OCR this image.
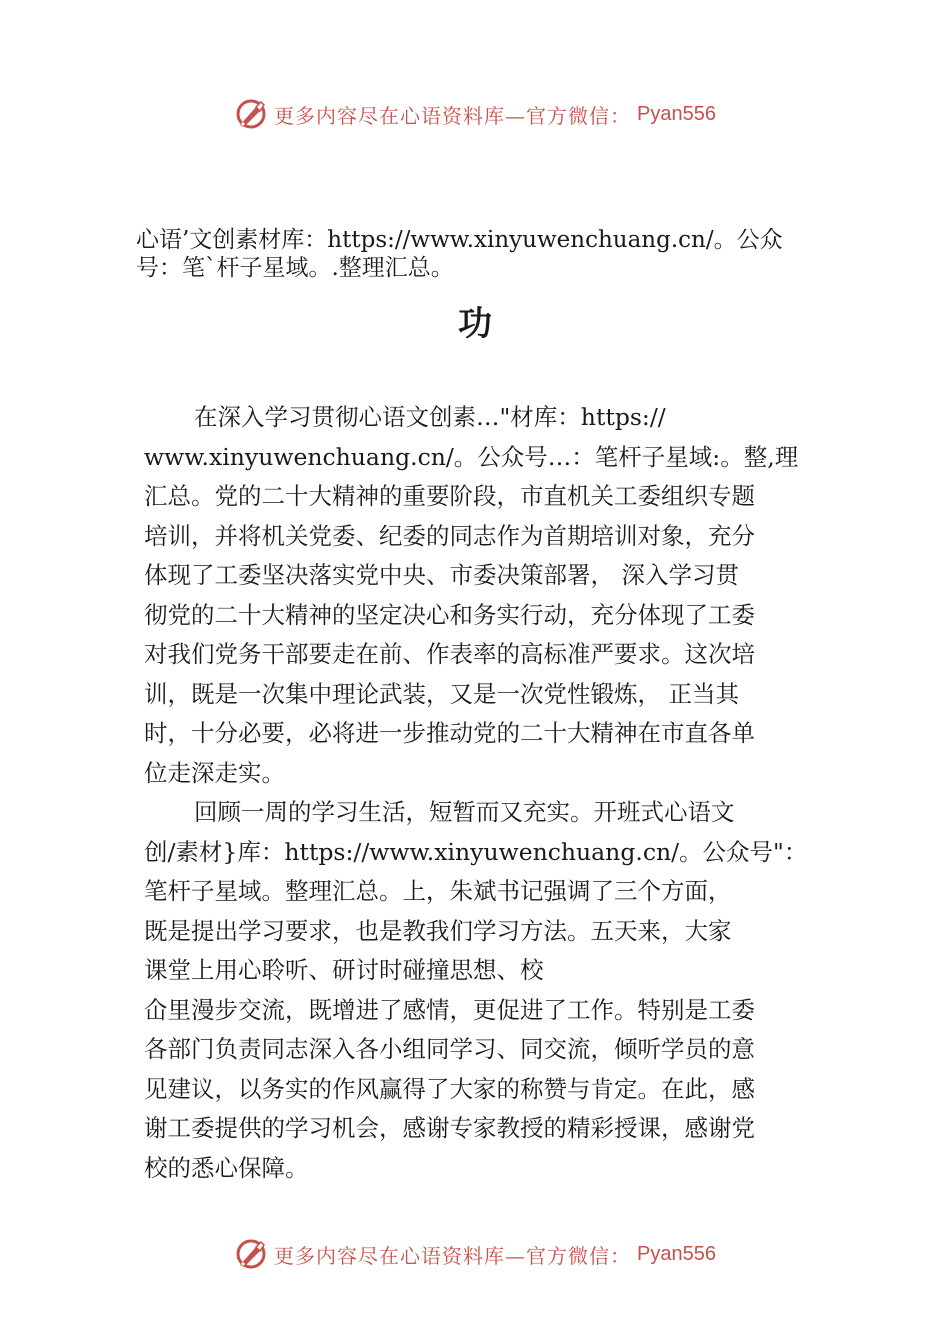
更多内容尽在心语资料库—官方微信： Pyan556
心语’文创素材库：https://www.xinyuwenchuang.cn/。公众
号：笔`杆子星域。.整理汇总。
功
在深入学习贯彻心语文创素…"材库：https://
www.xinyuwenchuang.cn/。公众号…：笔杆子星域:。整,理
汇总。党的二十大精神的重要阶段，市直机关工委组织专题
培训，并将机关党委、纪委的同志作为首期培训对象，充分
体现了工委坚决落实党中央、市委决策部署， 深入学习贯
彻党的二十大精神的坚定决心和务实行动，充分体现了工委
对我们党务干部要走在前、作表率的高标准严要求。这次培
训，既是一次集中理论武装，又是一次党性锻炼， 正当其
时，十分必要，必将进一步推动党的二十大精神在市直各单
位走深走实。
回顾一周的学习生活，短暂而又充实。开班式心语文
创/素材}库：https://www.xinyuwenchuang.cn/。公众号"：
笔杆子星域。整理汇总。上，朱斌书记强调了三个方面，
既是提出学习要求，也是教我们学习方法。五天来，大家
课堂上用心聆听、研讨时碰撞思想、校
仚里漫步交流，既增进了感情，更促进了工作。特别是工委
各部门负责同志深入各小组同学习、同交流，倾听学员的意
见建议，以务实的作风赢得了大家的称赞与肯定。在此，感
谢工委提供的学习机会，感谢专家教授的精彩授课，感谢党
校的悉心保障。
更多内容尽在心语资料库—官方微信： Pyan556
